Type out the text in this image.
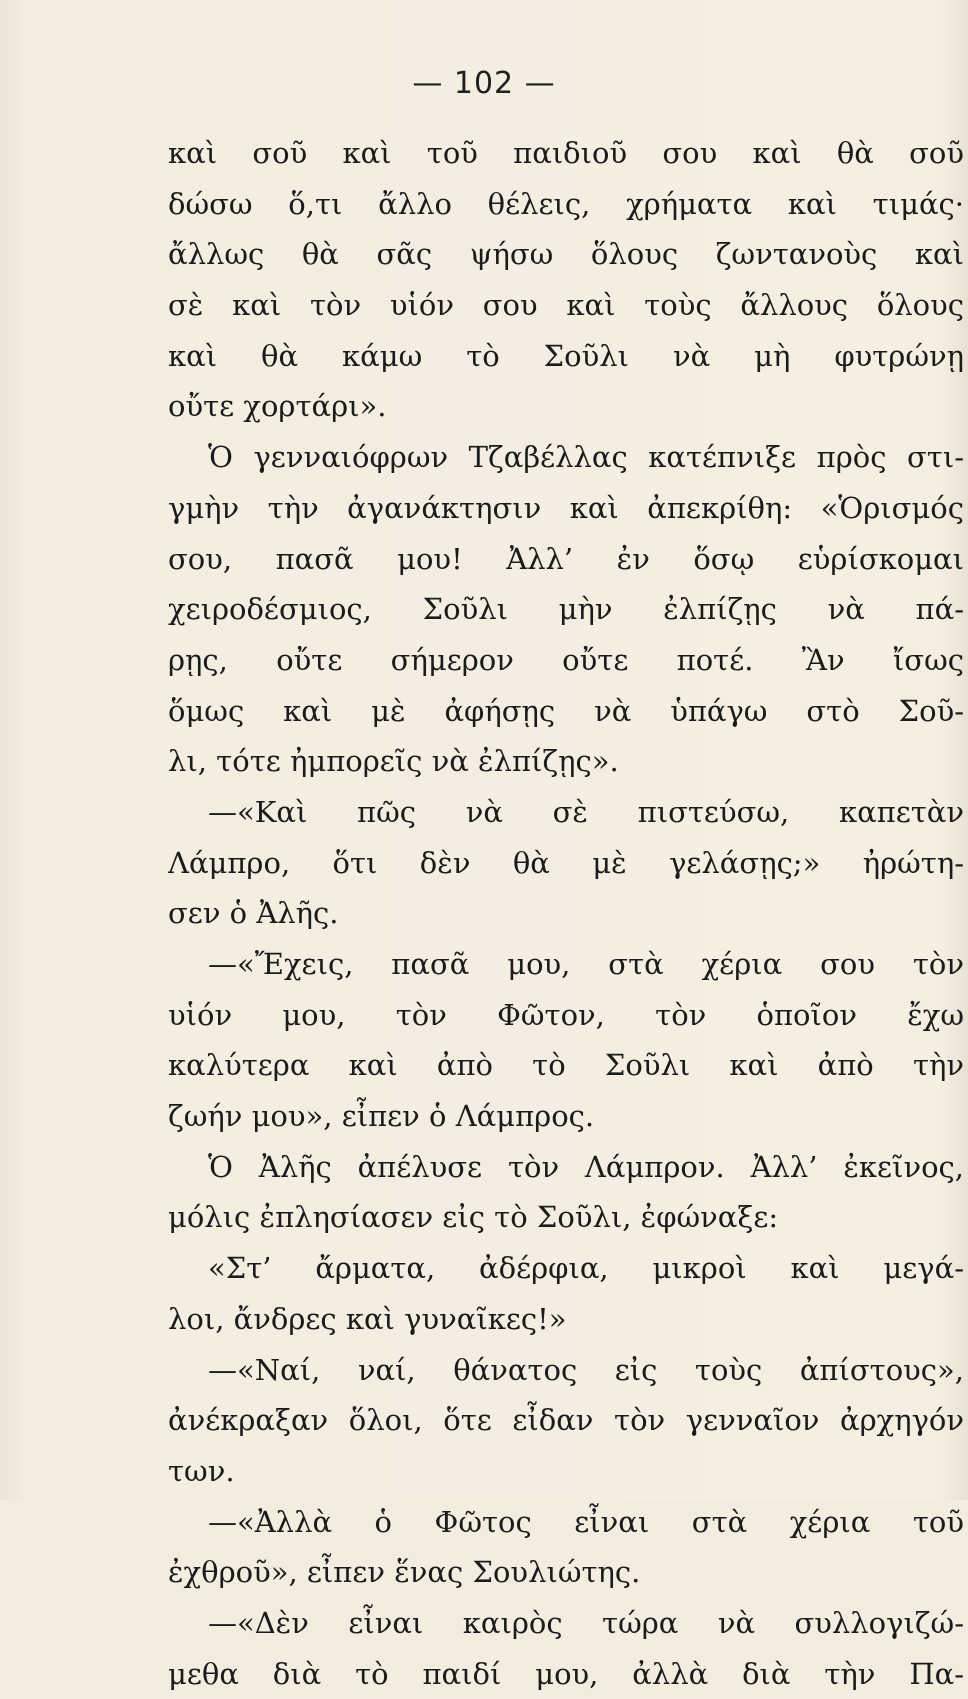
— 102 —
καὶ σοῦ καὶ τοῦ παιδιοῦ σου καὶ θὰ σοῦ
δώσω ὅ,τι ἄλλο θέλεις, χρήματα καὶ τιμάς·
ἄλλως θὰ σᾶς ψήσω ὅλους ζωντανοὺς καὶ
σὲ καὶ τὸν υἱόν σου καὶ τοὺς ἄλλους ὅλους
καὶ θὰ κάμω τὸ Σοῦλι νὰ μὴ φυτρώνῃ
οὔτε χορτάρι».
Ὁ γενναιόφρων Τζαβέλλας κατέπνιξε πρὸς στι-
γμὴν τὴν ἀγανάκτησιν καὶ ἀπεκρίθη: «Ὁρισμός
σου, πασᾶ μου! Ἀλλ’ ἐν ὅσῳ εὑρίσκομαι
χειροδέσμιος, Σοῦλι μὴν ἐλπίζῃς νὰ πά-
ρῃς, οὔτε σήμερον οὔτε ποτέ. Ἂν ἴσως
ὅμως καὶ μὲ ἀφήσῃς νὰ ὑπάγω στὸ Σοῦ-
λι, τότε ἠμπορεῖς νὰ ἐλπίζῃς».
—«Καὶ πῶς νὰ σὲ πιστεύσω, καπετὰν
Λάμπρο, ὅτι δὲν θὰ μὲ γελάσῃς;» ἠρώτη-
σεν ὁ Ἀλῆς.
—«Ἔχεις, πασᾶ μου, στὰ χέρια σου τὸν
υἱόν μου, τὸν Φῶτον, τὸν ὁποῖον ἔχω
καλύτερα καὶ ἀπὸ τὸ Σοῦλι καὶ ἀπὸ τὴν
ζωήν μου», εἶπεν ὁ Λάμπρος.
Ὁ Ἀλῆς ἀπέλυσε τὸν Λάμπρον. Ἀλλ’ ἐκεῖνος,
μόλις ἐπλησίασεν εἰς τὸ Σοῦλι, ἐφώναξε:
«Στ’ ἄρματα, ἀδέρφια, μικροὶ καὶ μεγά-
λοι, ἄνδρες καὶ γυναῖκες!»
—«Ναί, ναί, θάνατος εἰς τοὺς ἀπίστους»,
ἀνέκραξαν ὅλοι, ὅτε εἶδαν τὸν γενναῖον ἀρχηγόν
των.
—«Ἀλλὰ ὁ Φῶτος εἶναι στὰ χέρια τοῦ
ἐχθροῦ», εἶπεν ἕνας Σουλιώτης.
—«Δὲν εἶναι καιρὸς τώρα νὰ συλλογιζώ-
μεθα διὰ τὸ παιδί μου, ἀλλὰ διὰ τὴν Πα-
